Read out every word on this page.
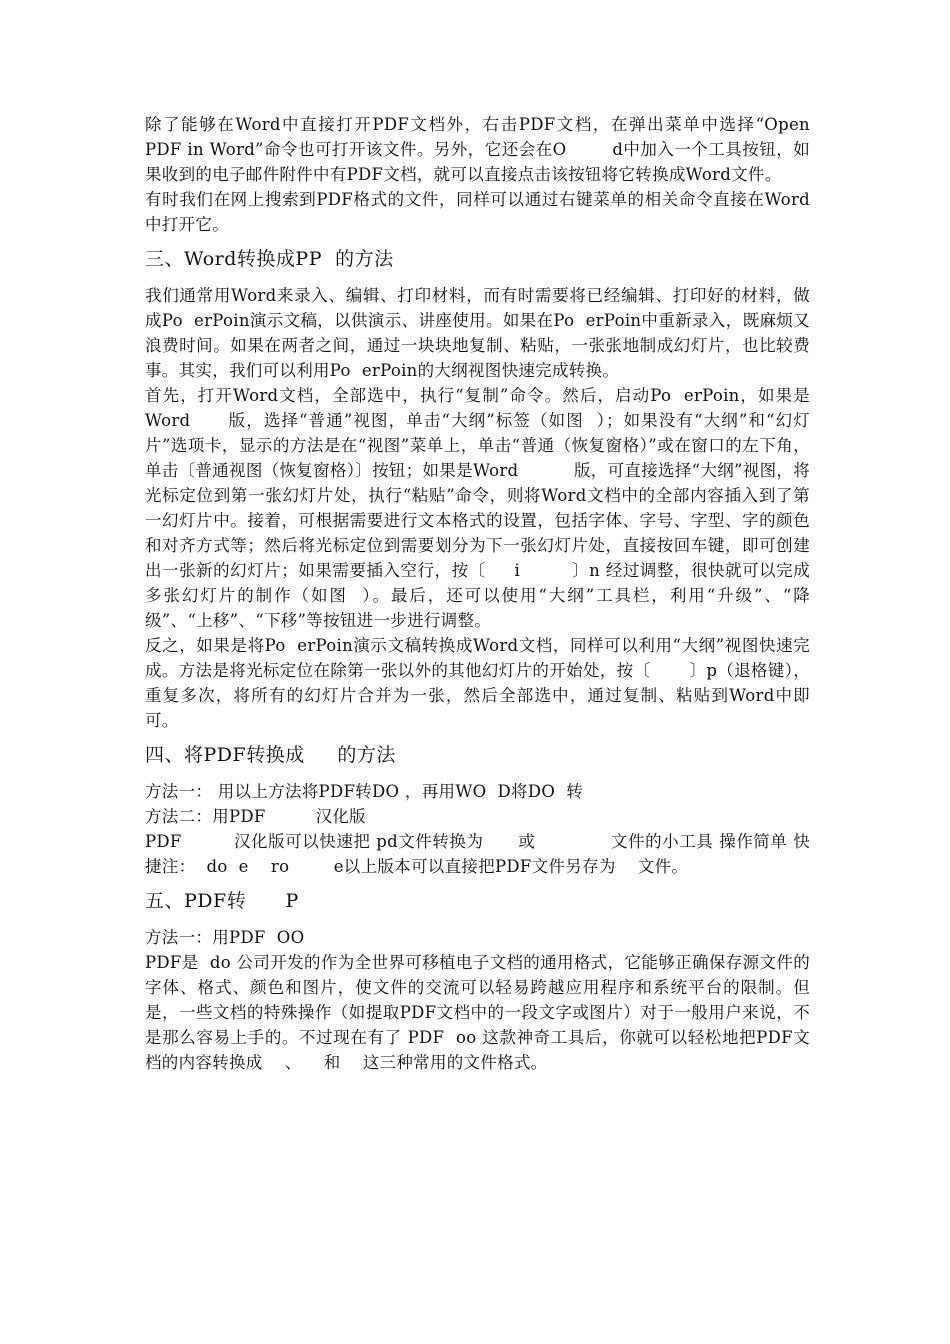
除了能够在Word中直接打开PDF文档外，右击PDF文档，在弹出菜单中选择“Open PDF in Word”命令也可打开该文件。另外，它还会在O        d中加入一个工具按钮，如果收到的电子邮件附件中有PDF文档，就可以直接点击该按钮将它转换成Word文件。

有时我们在网上搜索到PDF格式的文件，同样可以通过右键菜单的相关命令直接在Word中打开它。

三、Word转换成PP  的方法

我们通常用Word来录入、编辑、打印材料，而有时需要将已经编辑、打印好的材料，做成Po  erPoin演示文稿，以供演示、讲座使用。如果在Po  erPoin中重新录入，既麻烦又浪费时间。如果在两者之间，通过一块块地复制、粘贴，一张张地制成幻灯片，也比较费事。其实，我们可以利用Po  erPoin的大纲视图快速完成转换。

首先，打开Word文档，全部选中，执行“复制”命令。然后，启动Po  erPoin，如果是Word      版，选择“普通”视图，单击“大纲”标签（如图  ）；如果没有“大纲”和“幻灯片”选项卡，显示的方法是在“视图”菜单上，单击“普通（恢复窗格）”或在窗口的左下角，单击〔普通视图（恢复窗格）〕按钮；如果是Word          版，可直接选择“大纲”视图，将光标定位到第一张幻灯片处，执行“粘贴”命令，则将Word文档中的全部内容插入到了第一幻灯片中。接着，可根据需要进行文本格式的设置，包括字体、字号、字型、字的颜色和对齐方式等；然后将光标定位到需要划分为下一张幻灯片处，直接按回车键，即可创建出一张新的幻灯片；如果需要插入空行，按〔     i         〕n 经过调整，很快就可以完成多张幻灯片的制作（如图  ）。最后，还可以使用“大纲”工具栏，利用“升级”、“降级”、“上移”、“下移”等按钮进一步进行调整。

反之，如果是将Po  erPoin演示文稿转换成Word文档，同样可以利用“大纲”视图快速完成。方法是将光标定位在除第一张以外的其他幻灯片的开始处，按〔       〕p（退格键），重复多次，将所有的幻灯片合并为一张，然后全部选中，通过复制、粘贴到Word中即可。

四、将PDF转换成     的方法

方法一： 用以上方法将PDF转DO ，再用WO  D将DO  转

方法二：用PDF         汉化版

PDF         汉化版可以快速把 pd文件转换为      或             文件的小工具 操作简单 快捷注：  do  e    ro        e以上版本可以直接把PDF文件另存为    文件。

五、PDF转      P

方法一：用PDF  OO

PDF是  do 公司开发的作为全世界可移植电子文档的通用格式，它能够正确保存源文件的字体、格式、颜色和图片，使文件的交流可以轻易跨越应用程序和系统平台的限制。但是，一些文档的特殊操作（如提取PDF文档中的一段文字或图片）对于一般用户来说，不是那么容易上手的。不过现在有了 PDF  oo 这款神奇工具后，你就可以轻松地把PDF文档的内容转换成    、    和    这三种常用的文件格式。
